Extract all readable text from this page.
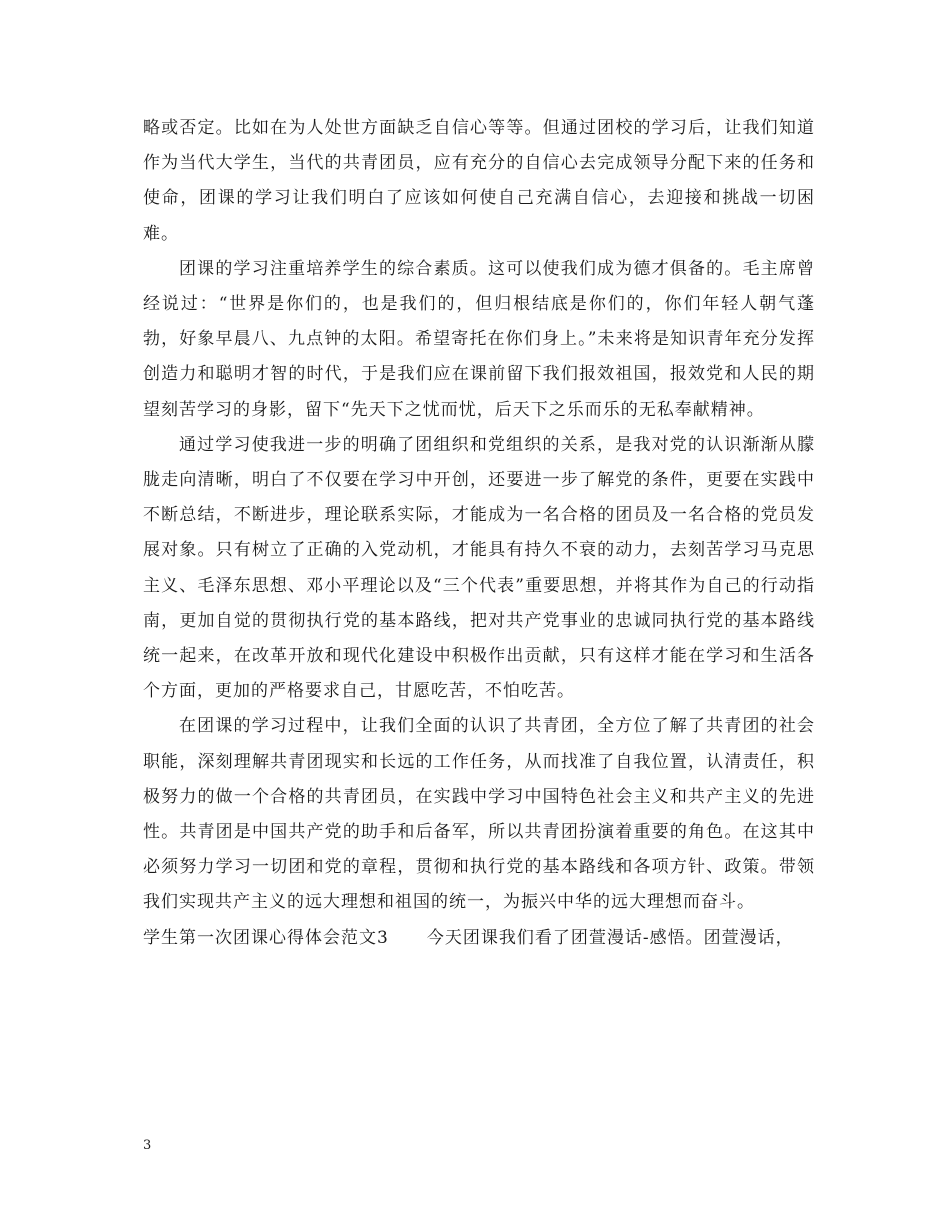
略或否定。比如在为人处世方面缺乏自信心等等。但通过团校的学习后，让我们知道作为当代大学生，当代的共青团员，应有充分的自信心去完成领导分配下来的任务和使命，团课的学习让我们明白了应该如何使自己充满自信心，去迎接和挑战一切困难。

团课的学习注重培养学生的综合素质。这可以使我们成为德才俱备的。毛主席曾经说过：“世界是你们的，也是我们的，但归根结底是你们的，你们年轻人朝气蓬勃，好象早晨八、九点钟的太阳。希望寄托在你们身上。”未来将是知识青年充分发挥创造力和聪明才智的时代，于是我们应在课前留下我们报效祖国，报效党和人民的期望刻苦学习的身影，留下“先天下之忧而忧，后天下之乐而乐的无私奉献精神。

通过学习使我进一步的明确了团组织和党组织的关系，是我对党的认识渐渐从朦胧走向清晰，明白了不仅要在学习中开创，还要进一步了解党的条件，更要在实践中不断总结，不断进步，理论联系实际，才能成为一名合格的团员及一名合格的党员发展对象。只有树立了正确的入党动机，才能具有持久不衰的动力，去刻苦学习马克思主义、毛泽东思想、邓小平理论以及“三个代表”重要思想，并将其作为自己的行动指南，更加自觉的贯彻执行党的基本路线，把对共产党事业的忠诚同执行党的基本路线统一起来，在改革开放和现代化建设中积极作出贡献，只有这样才能在学习和生活各个方面，更加的严格要求自己，甘愿吃苦，不怕吃苦。

在团课的学习过程中，让我们全面的认识了共青团，全方位了解了共青团的社会职能，深刻理解共青团现实和长远的工作任务，从而找准了自我位置，认清责任，积极努力的做一个合格的共青团员，在实践中学习中国特色社会主义和共产主义的先进性。共青团是中国共产党的助手和后备军，所以共青团扮演着重要的角色。在这其中必须努力学习一切团和党的章程，贯彻和执行党的基本路线和各项方针、政策。带领我们实现共产主义的远大理想和祖国的统一，为振兴中华的远大理想而奋斗。

学生第一次团课心得体会范文3 今天团课我们看了团萱漫话-感悟。团萱漫话，

3
